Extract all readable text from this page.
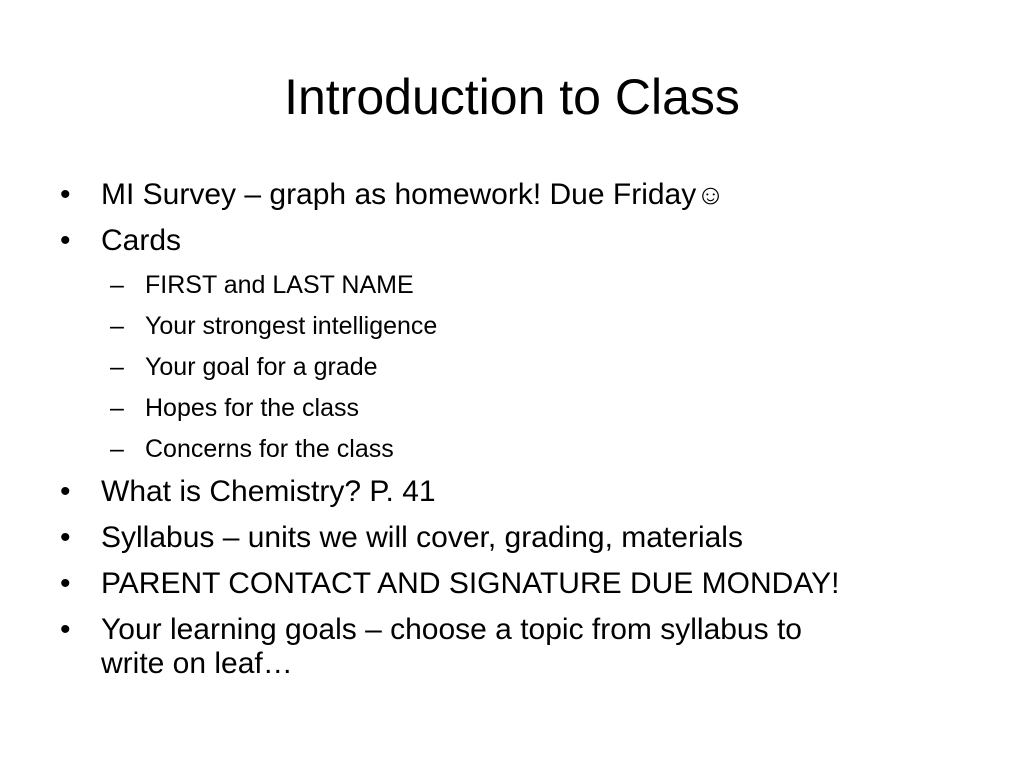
Introduction to Class
•	MI Survey – graph as homework! Due Friday☺
•	Cards
– FIRST and LAST NAME
– Your strongest intelligence
– Your goal for a grade
– Hopes for the class
– Concerns for the class
•	What is Chemistry? P. 41
•	Syllabus – units we will cover, grading, materials
•	PARENT CONTACT AND SIGNATURE DUE MONDAY!
•	Your learning goals – choose a topic from syllabus to
write on leaf…
